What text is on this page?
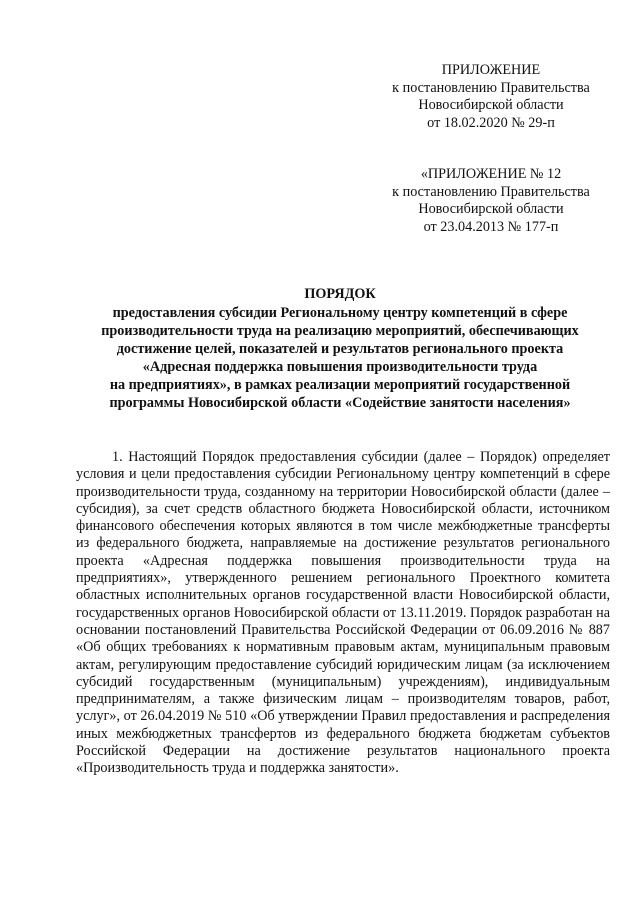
ПРИЛОЖЕНИЕ
к постановлению Правительства
Новосибирской области
от 18.02.2020 № 29-п
«ПРИЛОЖЕНИЕ № 12
к постановлению Правительства
Новосибирской области
от 23.04.2013 № 177-п
ПОРЯДОК
предоставления субсидии Региональному центру компетенций в сфере
производительности труда на реализацию мероприятий, обеспечивающих
достижение целей, показателей и результатов регионального проекта
«Адресная поддержка повышения производительности труда
на предприятиях», в рамках реализации мероприятий государственной
программы Новосибирской области «Содействие занятости населения»

1. Настоящий Порядок предоставления субсидии (далее – Порядок) определяет условия и цели предоставления субсидии Региональному центру компетенций в сфере производительности труда, созданному на территории Новосибирской области (далее – субсидия), за счет средств областного бюджета Новосибирской области, источником финансового обеспечения которых являются в том числе межбюджетные трансферты из федерального бюджета, направляемые на достижение результатов регионального проекта «Адресная поддержка повышения производительности труда на предприятиях», утвержденного решением регионального Проектного комитета областных исполнительных органов государственной власти Новосибирской области, государственных органов Новосибирской области от 13.11.2019. Порядок разработан на основании постановлений Правительства Российской Федерации от 06.09.2016 № 887 «Об общих требованиях к нормативным правовым актам, муниципальным правовым актам, регулирующим предоставление субсидий юридическим лицам (за исключением субсидий государственным (муниципальным) учреждениям), индивидуальным предпринимателям, а также физическим лицам – производителям товаров, работ, услуг», от 26.04.2019 № 510 «Об утверждении Правил предоставления и распределения иных межбюджетных трансфертов из федерального бюджета бюджетам субъектов Российской Федерации на достижение результатов национального проекта «Производительность труда и поддержка занятости».
